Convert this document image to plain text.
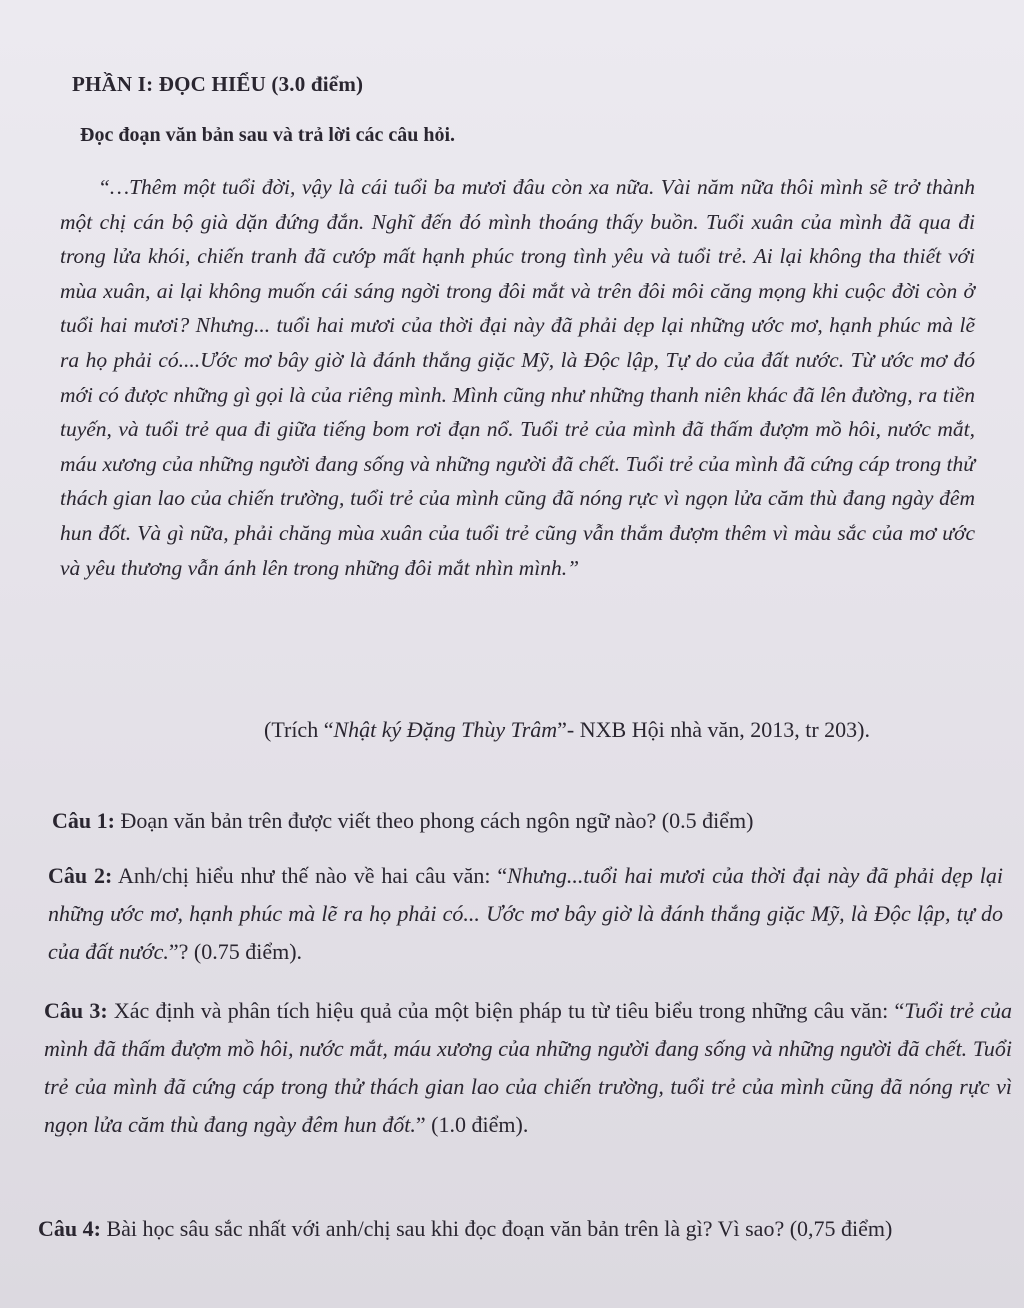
PHẦN I: ĐỌC HIỂU (3.0 điểm)
Đọc đoạn văn bản sau và trả lời các câu hỏi.
“…Thêm một tuổi đời, vậy là cái tuổi ba mươi đâu còn xa nữa. Vài năm nữa thôi mình sẽ trở thành một chị cán bộ già dặn đứng đắn. Nghĩ đến đó mình thoáng thấy buồn. Tuổi xuân của mình đã qua đi trong lửa khói, chiến tranh đã cướp mất hạnh phúc trong tình yêu và tuổi trẻ. Ai lại không tha thiết với mùa xuân, ai lại không muốn cái sáng ngời trong đôi mắt và trên đôi môi căng mọng khi cuộc đời còn ở tuổi hai mươi? Nhưng... tuổi hai mươi của thời đại này đã phải dẹp lại những ước mơ, hạnh phúc mà lẽ ra họ phải có....Ước mơ bây giờ là đánh thắng giặc Mỹ, là Độc lập, Tự do của đất nước. Từ ước mơ đó mới có được những gì gọi là của riêng mình. Mình cũng như những thanh niên khác đã lên đường, ra tiền tuyến, và tuổi trẻ qua đi giữa tiếng bom rơi đạn nổ. Tuổi trẻ của mình đã thấm đượm mồ hôi, nước mắt, máu xương của những người đang sống và những người đã chết. Tuổi trẻ của mình đã cứng cáp trong thử thách gian lao của chiến trường, tuổi trẻ của mình cũng đã nóng rực vì ngọn lửa căm thù đang ngày đêm hun đốt. Và gì nữa, phải chăng mùa xuân của tuổi trẻ cũng vẫn thắm đượm thêm vì màu sắc của mơ ước và yêu thương vẫn ánh lên trong những đôi mắt nhìn mình.”
(Trích “Nhật ký Đặng Thùy Trâm”- NXB Hội nhà văn, 2013, tr 203).
Câu 1: Đoạn văn bản trên được viết theo phong cách ngôn ngữ nào? (0.5 điểm)
Câu 2: Anh/chị hiểu như thế nào về hai câu văn: “Nhưng...tuổi hai mươi của thời đại này đã phải dẹp lại những ước mơ, hạnh phúc mà lẽ ra họ phải có... Ước mơ bây giờ là đánh thắng giặc Mỹ, là Độc lập, tự do của đất nước.”? (0.75 điểm).
Câu 3: Xác định và phân tích hiệu quả của một biện pháp tu từ tiêu biểu trong những câu văn: “Tuổi trẻ của mình đã thấm đượm mồ hôi, nước mắt, máu xương của những người đang sống và những người đã chết. Tuổi trẻ của mình đã cứng cáp trong thử thách gian lao của chiến trường, tuổi trẻ của mình cũng đã nóng rực vì ngọn lửa căm thù đang ngày đêm hun đốt.” (1.0 điểm).
Câu 4: Bài học sâu sắc nhất với anh/chị sau khi đọc đoạn văn bản trên là gì? Vì sao? (0,75 điểm)
